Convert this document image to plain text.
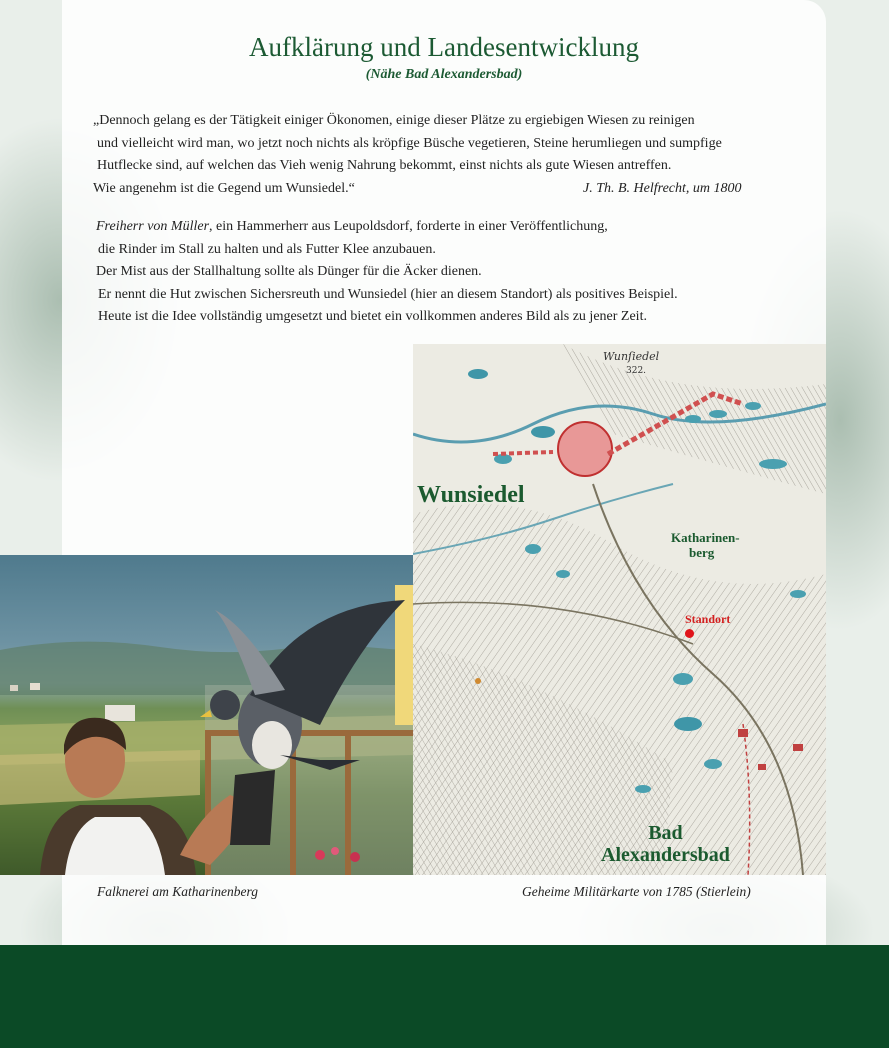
Aufklärung und Landesentwicklung
(Nähe Bad Alexandersbad)
„Dennoch gelang es der Tätigkeit einiger Ökonomen, einige dieser Plätze zu ergiebigen Wiesen zu reinigen
und vielleicht wird man, wo jetzt noch nichts als kröpfige Büsche vegetieren, Steine herumliegen und sumpfige
Hutflecke sind, auf welchen das Vieh wenig Nahrung bekommt, einst nichts als gute Wiesen antreffen.
Wie angenehm ist die Gegend um Wunsiedel.“	J. Th. B. Helfrecht, um 1800
Freiherr von Müller, ein Hammerherr aus Leupoldsdorf, forderte in einer Veröffentlichung,
die Rinder im Stall zu halten und als Futter Klee anzubauen.
Der Mist aus der Stallhaltung sollte als Dünger für die Äcker dienen.
Er nennt die Hut zwischen Sichersreuth und Wunsiedel (hier an diesem Standort) als positives Beispiel.
Heute ist die Idee vollständig umgesetzt und bietet ein vollkommen anderes Bild als zu jener Zeit.
Wunſiedel
322.
Wunsiedel
Katharinen-
berg
Standort
Bad
Alexandersbad
Falknerei am Katharinenberg	Geheime Militärkarte von 1785 (Stierlein)
